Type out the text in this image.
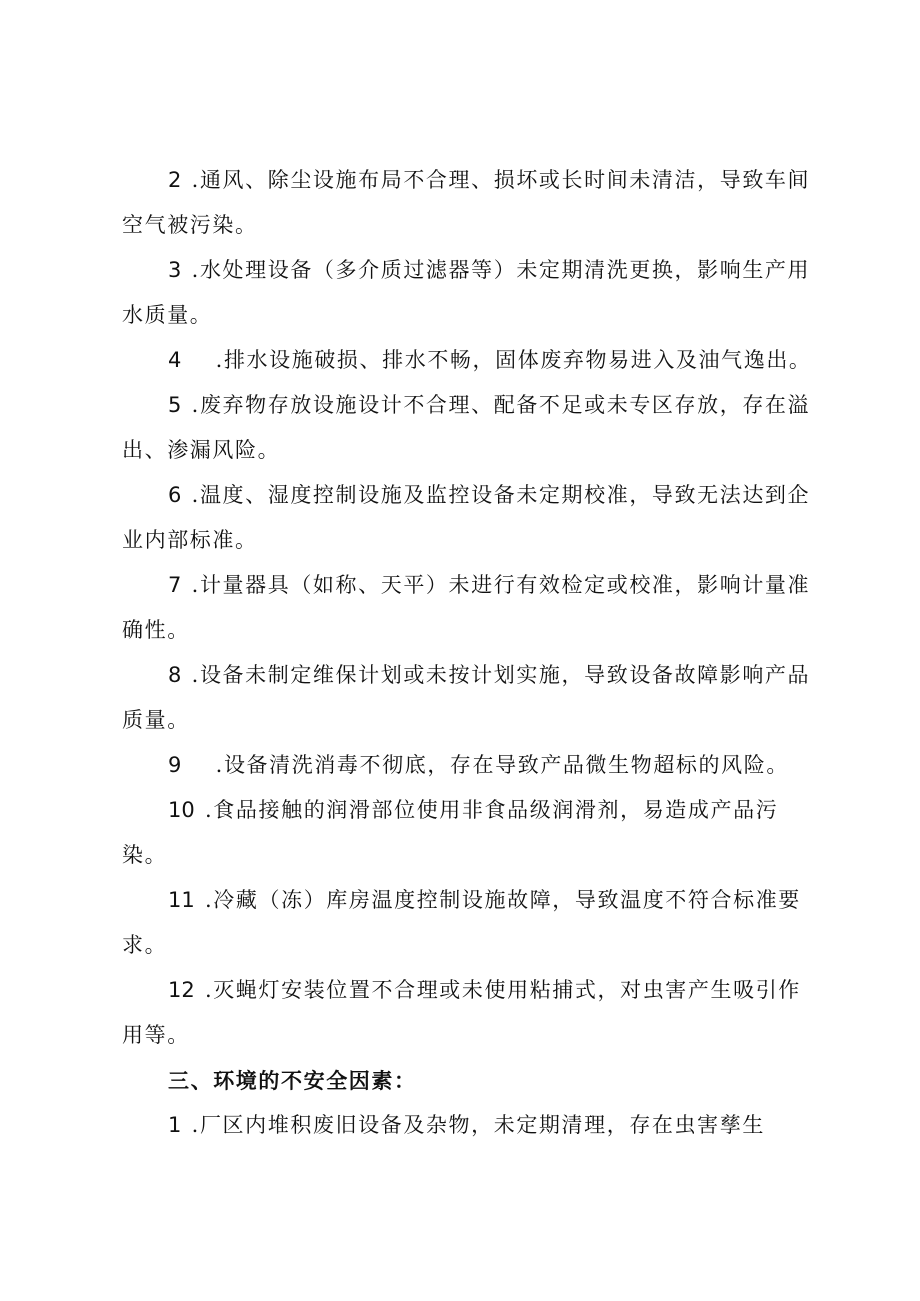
2 .通风、除尘设施布局不合理、损坏或长时间未清洁，导致车间空气被污染。

3 .水处理设备（多介质过滤器等）未定期清洗更换，影响生产用水质量。

4 .排水设施破损、排水不畅，固体废弃物易进入及油气逸出。

5 .废弃物存放设施设计不合理、配备不足或未专区存放，存在溢出、渗漏风险。

6 .温度、湿度控制设施及监控设备未定期校准，导致无法达到企业内部标准。

7 .计量器具（如称、天平）未进行有效检定或校准，影响计量准确性。

8 .设备未制定维保计划或未按计划实施，导致设备故障影响产品质量。

9 .设备清洗消毒不彻底，存在导致产品微生物超标的风险。

10 .食品接触的润滑部位使用非食品级润滑剂，易造成产品污染。

11 .冷藏（冻）库房温度控制设施故障，导致温度不符合标准要求。

12 .灭蝇灯安装位置不合理或未使用粘捕式，对虫害产生吸引作用等。

三、环境的不安全因素：

1 .厂区内堆积废旧设备及杂物，未定期清理，存在虫害孳生
